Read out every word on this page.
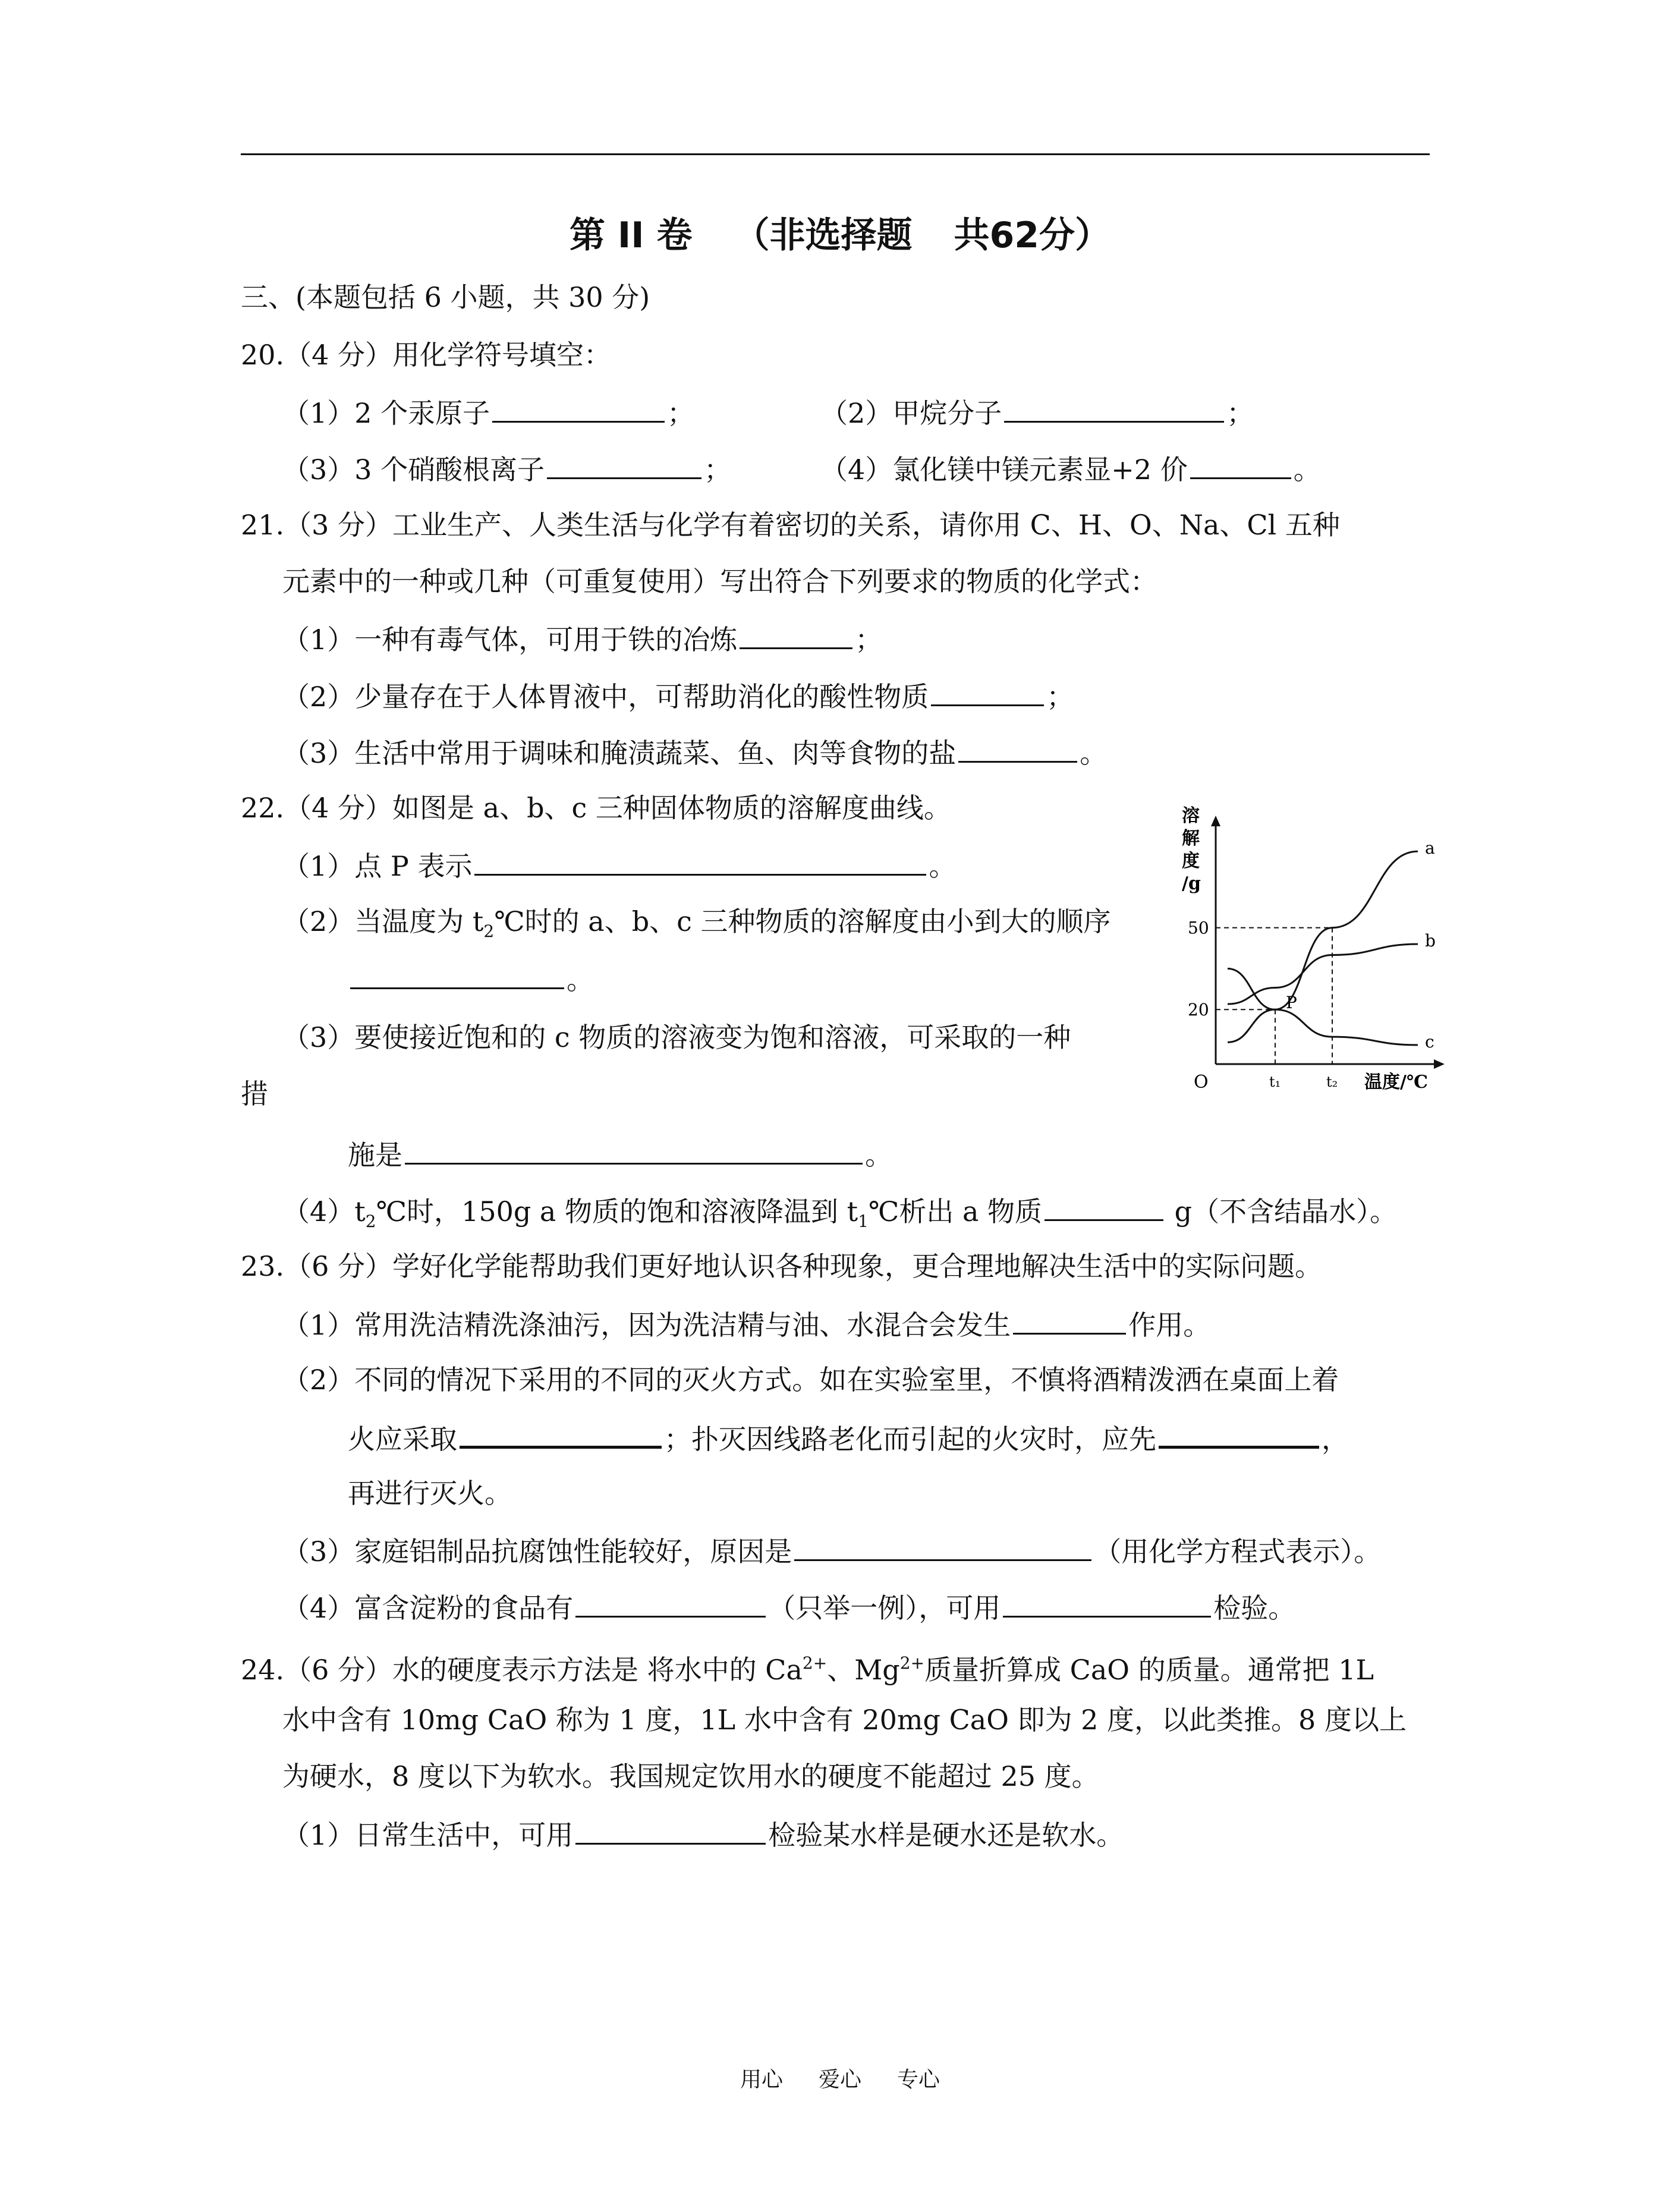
第 II 卷 （非选择题 共62分）
三、(本题包括 6 小题，共 30 分)
20.（4 分）用化学符号填空：
（1）2 个汞原子	；	（2）甲烷分子	；
（3）3 个硝酸根离子	；	（4）氯化镁中镁元素显+2 价	。
21.（3 分）工业生产、人类生活与化学有着密切的关系，请你用 C、H、O、Na、Cl 五种
元素中的一种或几种（可重复使用）写出符合下列要求的物质的化学式：
（1）一种有毒气体，可用于铁的冶炼	；
（2）少量存在于人体胃液中，可帮助消化的酸性物质	；
（3）生活中常用于调味和腌渍蔬菜、鱼、肉等食物的盐	。
22.（4 分）如图是 a、b、c 三种固体物质的溶解度曲线。
（1）点 P 表示	。
（2）当温度为 $t_2℃$时的 a、b、c 三种物质的溶解度由小到大的顺序
。
（3）要使接近饱和的 c 物质的溶液变为饱和溶液，可采取的一种
措
施是	。
$(4)t_2℃$时，150g a 物质的饱和溶液降温到 $t_1℃$析出 a 物质	g（不含结晶水）。
溶
解
度
/g
温度/℃
O
20
50
t₁	t₂
a
b
c
P
23.（6 分）学好化学能帮助我们更好地认识各种现象，更合理地解决生活中的实际问题。
（1）常用洗洁精洗涤油污，因为洗洁精与油、水混合会发生	作用。
（2）不同的情况下采用的不同的灭火方式。如在实验室里，不慎将酒精泼洒在桌面上着
火应采取	；扑灭因线路老化而引起的火灾时，应先	，
再进行灭火。
（3）家庭铝制品抗腐蚀性能较好，原因是	（用化学方程式表示）。
（4）富含淀粉的食品有	（只举一例），可用	检验。
24.（6 分）水的硬度表示方法是 将水中的 $Ca^{2+}$、$Mg^{2+}$质量折算成 CaO 的质量。通常把 1L
水中含有 10mg CaO 称为 1 度，1L 水中含有 20mg CaO 即为 2 度，以此类推。8 度以上
为硬水，8 度以下为软水。我国规定饮用水的硬度不能超过 25 度。
（1）日常生活中，可用	检验某水样是硬水还是软水。
用心 爱心 专心
